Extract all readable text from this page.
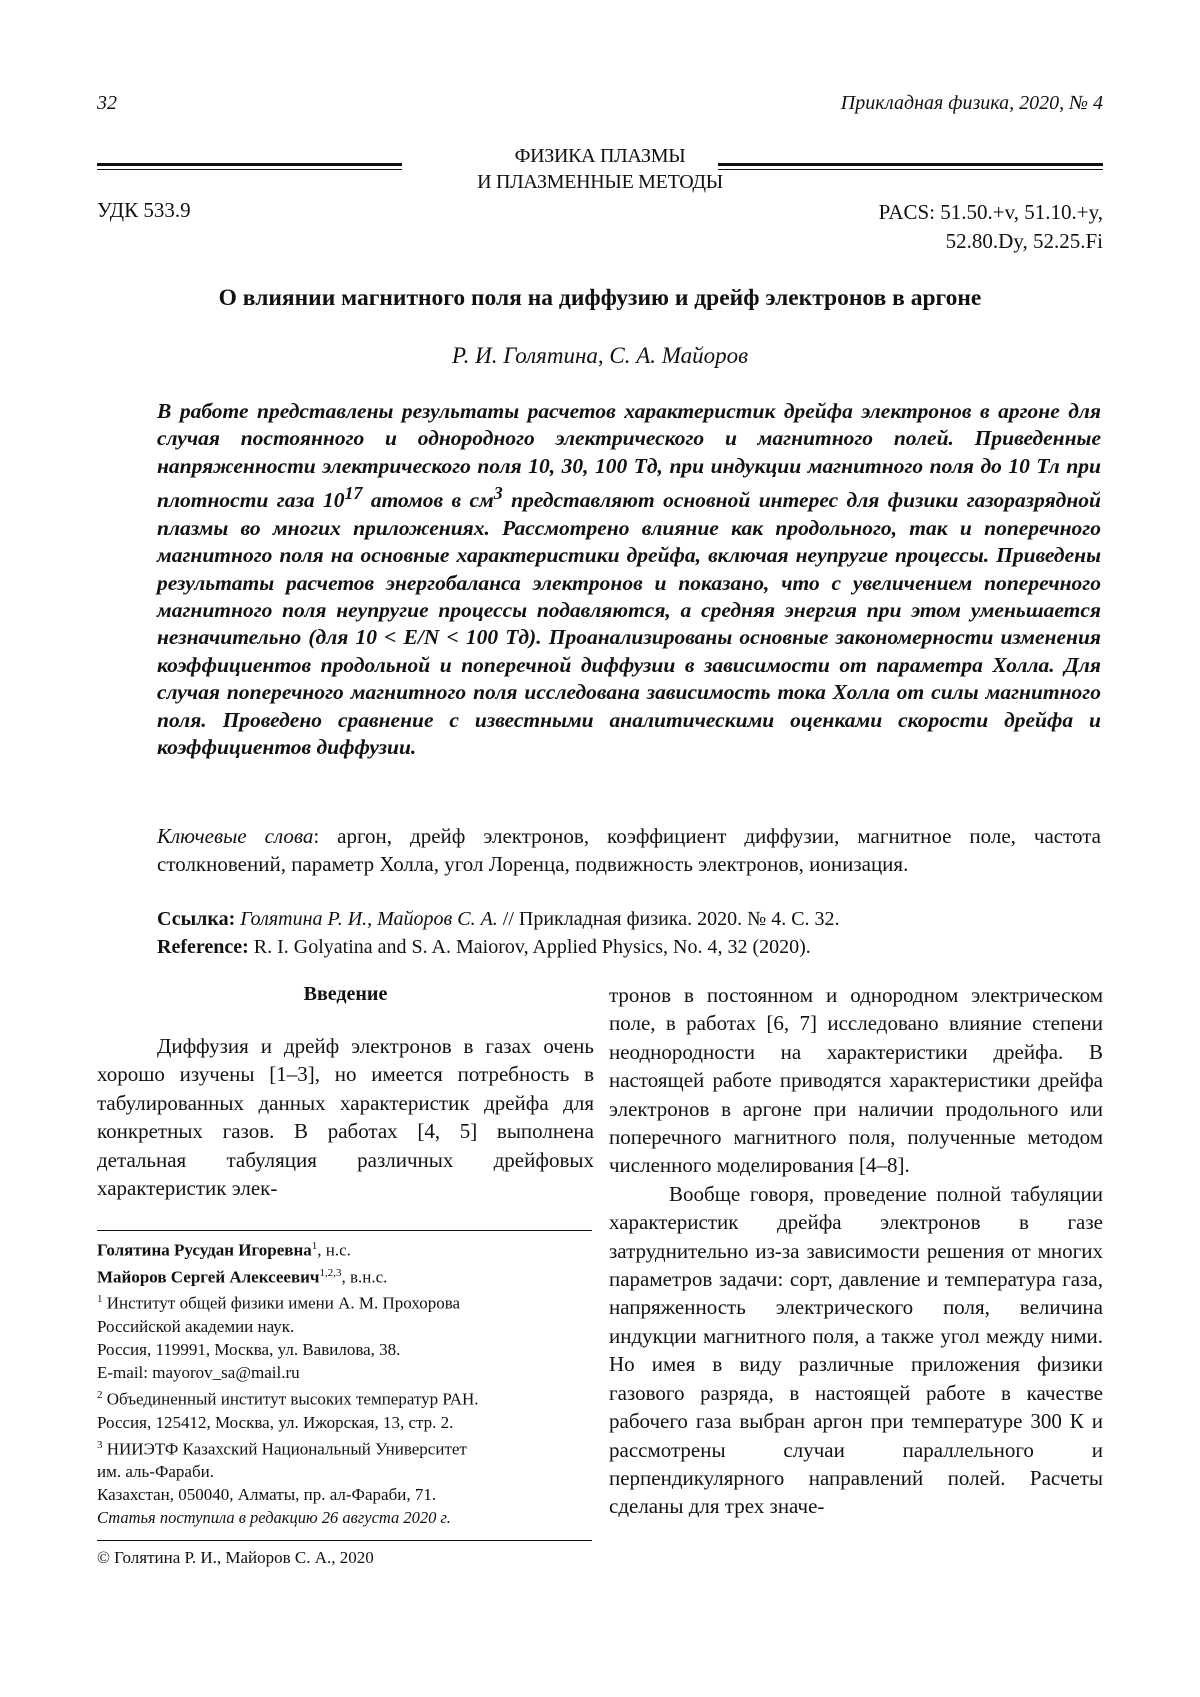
32	Прикладная физика, 2020, № 4
ФИЗИКА ПЛАЗМЫ
И ПЛАЗМЕННЫЕ МЕТОДЫ
УДК 533.9	PACS: 51.50.+v, 51.10.+y,
52.80.Dy, 52.25.Fi
О влиянии магнитного поля на диффузию и дрейф электронов в аргоне
Р. И. Голятина, С. А. Майоров

В работе представлены результаты расчетов характеристик дрейфа электронов в аргоне для случая постоянного и однородного электрического и магнитного полей. Приведенные напряженности электрического поля 10, 30, 100 Тд, при индукции магнитного поля до 10 Тл при плотности газа $10^{17}$ атомов в $см^3$ представляют основной интерес для физики газоразрядной плазмы во многих приложениях. Рассмотрено влияние как продольного, так и поперечного магнитного поля на основные характеристики дрейфа, включая неупругие процессы. Приведены результаты расчетов энергобаланса электронов и показано, что с увеличением поперечного магнитного поля неупругие процессы подавляются, а средняя энергия при этом уменьшается незначительно (для 10 < E/N < 100 Тд). Проанализированы основные закономерности изменения коэффициентов продольной и поперечной диффузии в зависимости от параметра Холла. Для случая поперечного магнитного поля исследована зависимость тока Холла от силы магнитного поля. Проведено сравнение с известными аналитическими оценками скорости дрейфа и коэффициентов диффузии.

Ключевые слова: аргон, дрейф электронов, коэффициент диффузии, магнитное поле, частота столкновений, параметр Холла, угол Лоренца, подвижность электронов, ионизация.

Ссылка: Голятина Р. И., Майоров С. А. // Прикладная физика. 2020. № 4. С. 32.
Reference: R. I. Golyatina and S. A. Maiorov, Applied Physics, No. 4, 32 (2020).
Введение

Диффузия и дрейф электронов в газах очень хорошо изучены [1–3], но имеется потребность в табулированных данных характеристик дрейфа для конкретных газов. В работах [4, 5] выполнена детальная табуляция различных дрейфовых характеристик элек-

тронов в постоянном и однородном электрическом поле, в работах [6, 7] исследовано влияние степени неоднородности на характеристики дрейфа. В настоящей работе приводятся характеристики дрейфа электронов в аргоне при наличии продольного или поперечного магнитного поля, полученные методом численного моделирования [4–8].

Вообще говоря, проведение полной табуляции характеристик дрейфа электронов в газе затруднительно из-за зависимости решения от многих параметров задачи: сорт, давление и температура газа, напряженность электрического поля, величина индукции магнитного поля, а также угол между ними. Но имея в виду различные приложения физики газового разряда, в настоящей работе в качестве рабочего газа выбран аргон при температуре 300 К и рассмотрены случаи параллельного и перпендикулярного направлений полей. Расчеты сделаны для трех значе-

Голятина Русудан Игоревна$^1$, н.с.
Майоров Сергей Алексеевич$^{1,2,3}$, в.н.с.
$^1$ Институт общей физики имени А. М. Прохорова
Российской академии наук.
Россия, 119991, Москва, ул. Вавилова, 38.
E-mail: mayorov_sa@mail.ru
$^2$ Объединенный институт высоких температур РАН.
Россия, 125412, Москва, ул. Ижорская, 13, стр. 2.
$^3$ НИИЭТФ Казахский Национальный Университет
им. аль-Фараби.
Казахстан, 050040, Алматы, пр. ал-Фараби, 71.
Статья поступила в редакцию 26 августа 2020 г.
© Голятина Р. И., Майоров С. А., 2020
